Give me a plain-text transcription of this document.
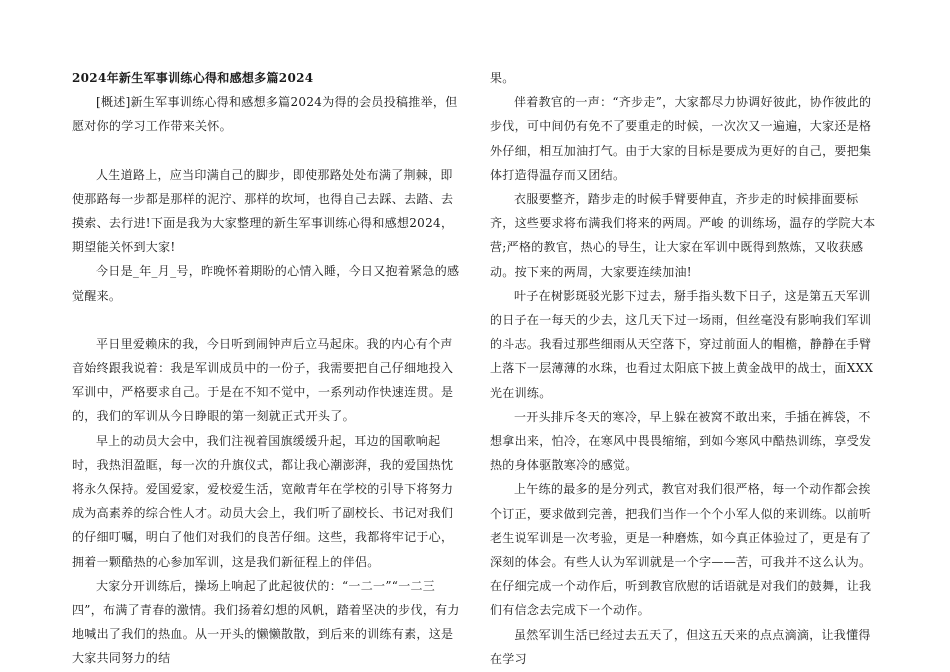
2024年新生军事训练心得和感想多篇2024

[概述]新生军事训练心得和感想多篇2024为得的会员投稿推举，但愿对你的学习工作带来关怀。

人生道路上，应当印满自己的脚步，即使那路处处布满了荆棘，即使那路每一步都是那样的泥泞、那样的坎坷，也得自己去踩、去踏、去摸索、去行进!下面是我为大家整理的新生军事训练心得和感想2024，期望能关怀到大家!

今日是_年_月_号，昨晚怀着期盼的心情入睡，今日又抱着紧急的感觉醒来。

平日里爱赖床的我，今日听到闹钟声后立马起床。我的内心有个声音始终跟我说着：我是军训成员中的一份子，我需要把自己仔细地投入军训中，严格要求自己。于是在不知不觉中，一系列动作快速连贯。是的，我们的军训从今日睁眼的第一刻就正式开头了。

早上的动员大会中，我们注视着国旗缓缓升起，耳边的国歌响起时，我热泪盈眶，每一次的升旗仪式，都让我心潮澎湃，我的爱国热忱将永久保持。爱国爱家，爱校爱生活，宽敞青年在学校的引导下将努力成为高素养的综合性人才。动员大会上，我们听了副校长、书记对我们的仔细叮嘱，明白了他们对我们的良苦仔细。这些，我都将牢记于心，拥着一颗酷热的心参加军训，这是我们新征程上的伴侣。

大家分开训练后，操场上响起了此起彼伏的：“一二一”“一二三四”，布满了青春的激情。我们扬着幻想的风帆，踏着坚决的步伐，有力地喊出了我们的热血。从一开头的懒懒散散，到后来的训练有素，这是大家共同努力的结

果。

伴着教官的一声：“齐步走”，大家都尽力协调好彼此，协作彼此的步伐，可中间仍有免不了要重走的时候，一次次又一遍遍，大家还是格外仔细，相互加油打气。由于大家的目标是要成为更好的自己，要把集体打造得温存而又团结。

衣服要整齐，踏步走的时候手臂要伸直，齐步走的时候排面要标齐，这些要求将布满我们将来的两周。严峻 的训练场，温存的学院大本营;严格的教官，热心的导生，让大家在军训中既得到熬炼，又收获感动。按下来的两周，大家要连续加油!

叶子在树影斑驳光影下过去，掰手指头数下日子，这是第五天军训的日子在一每天的少去，这几天下过一场雨，但丝毫没有影响我们军训的斗志。我看过那些细雨从天空落下，穿过前面人的帽檐，静静在手臂上落下一层薄薄的水珠，也看过太阳底下披上黄金战甲的战士，面XXX光在训练。

一开头排斥冬天的寒冷，早上躲在被窝不敢出来，手插在裤袋，不想拿出来，怕冷，在寒风中畏畏缩缩，到如今寒风中酷热训练，享受发热的身体驱散寒冷的感觉。

上午练的最多的是分列式，教官对我们很严格，每一个动作都会挨个订正，要求做到完善，把我们当作一个个小军人似的来训练。以前听老生说军训是一次考验，更是一种磨炼，如今真正体验过了，更是有了深刻的体会。有些人认为军训就是一个字——苦，可我并不这么认为。在仔细完成一个动作后，听到教官欣慰的话语就是对我们的鼓舞，让我们有信念去完成下一个动作。

虽然军训生活已经过去五天了，但这五天来的点点滴滴，让我懂得在学习
